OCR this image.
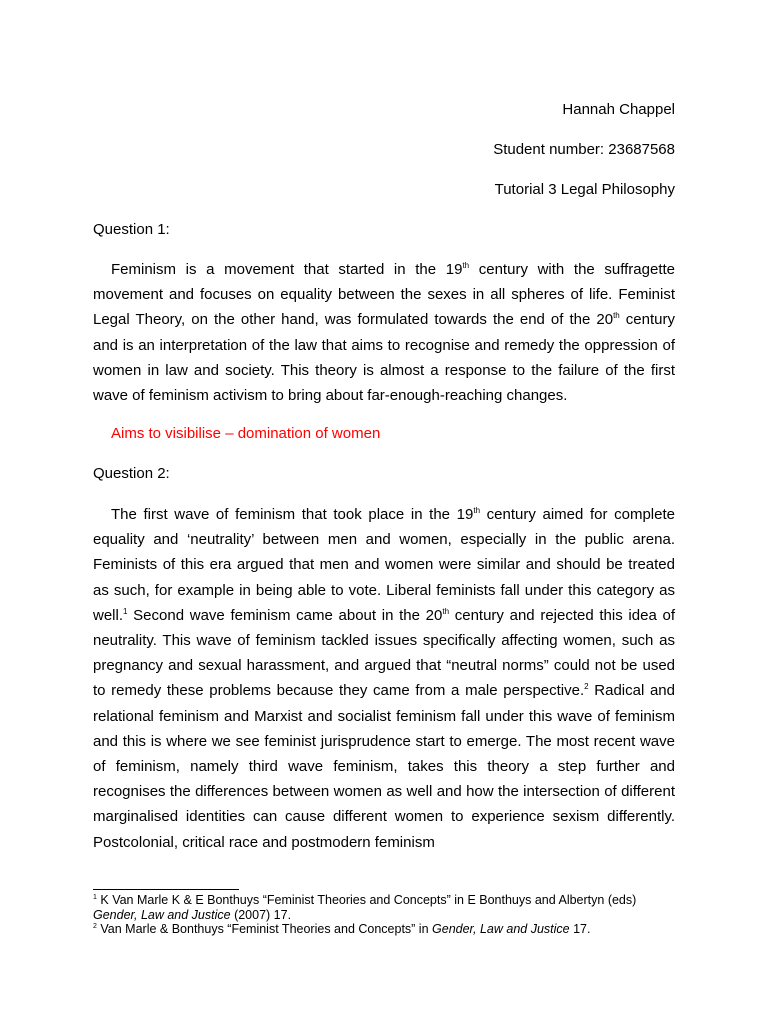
Hannah Chappel
Student number: 23687568
Tutorial 3 Legal Philosophy
Question 1:

Feminism is a movement that started in the 19th century with the suffragette movement and focuses on equality between the sexes in all spheres of life. Feminist Legal Theory, on the other hand, was formulated towards the end of the 20th century and is an interpretation of the law that aims to recognise and remedy the oppression of women in law and society. This theory is almost a response to the failure of the first wave of feminism activism to bring about far-enough-reaching changes.

Aims to visibilise – domination of women
Question 2:

The first wave of feminism that took place in the 19th century aimed for complete equality and ‘neutrality’ between men and women, especially in the public arena. Feminists of this era argued that men and women were similar and should be treated as such, for example in being able to vote. Liberal feminists fall under this category as well.$^1$ Second wave feminism came about in the 20th century and rejected this idea of neutrality. This wave of feminism tackled issues specifically affecting women, such as pregnancy and sexual harassment, and argued that “neutral norms” could not be used to remedy these problems because they came from a male perspective.$^2$ Radical and relational feminism and Marxist and socialist feminism fall under this wave of feminism and this is where we see feminist jurisprudence start to emerge. The most recent wave of feminism, namely third wave feminism, takes this theory a step further and recognises the differences between women as well and how the intersection of different marginalised identities can cause different women to experience sexism differently. Postcolonial, critical race and postmodern feminism

$^1$ K Van Marle K & E Bonthuys “Feminist Theories and Concepts” in E Bonthuys and Albertyn (eds) Gender, Law and Justice (2007) 17.

$^2$ Van Marle & Bonthuys “Feminist Theories and Concepts” in Gender, Law and Justice 17.
